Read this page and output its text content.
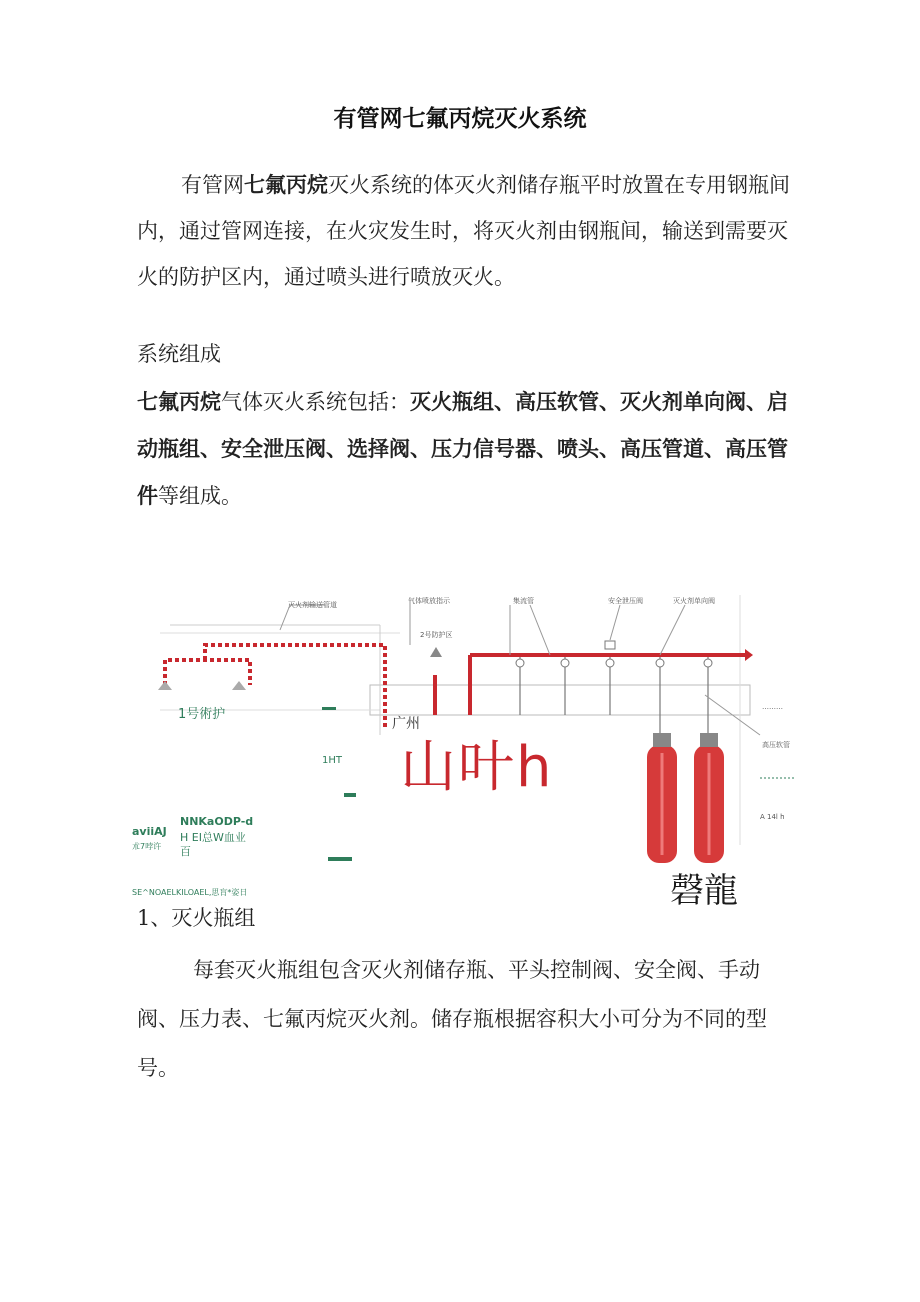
有管网七氟丙烷灭火系统
有管网七氟丙烷灭火系统的体灭火剂储存瓶平时放置在专用钢瓶间内，通过管网连接，在火灾发生时，将灭火剂由钢瓶间，输送到需要灭火的防护区内，通过喷头进行喷放灭火。
系统组成
七氟丙烷气体灭火系统包括：灭火瓶组、高压软管、灭火剂单向阀、启动瓶组、安全泄压阀、选择阀、压力信号器、喷头、高压管道、高压管件等组成。
灭火剂输送管道	气体喷放指示	集流管	安全泄压阀	灭火剂单向阀
2号防护区
………
高压软管
1号術护
广州
山叶h
1HT
aviiAJ
朮7哱许
NNKaODP-d
H EI总W血业
百
A 14l h
SE^NOAELKILOAEL,思肓*姿日	磬龍
1、灭火瓶组
每套灭火瓶组包含灭火剂储存瓶、平头控制阀、安全阀、手动阀、压力表、七氟丙烷灭火剂。储存瓶根据容积大小可分为不同的型号。
